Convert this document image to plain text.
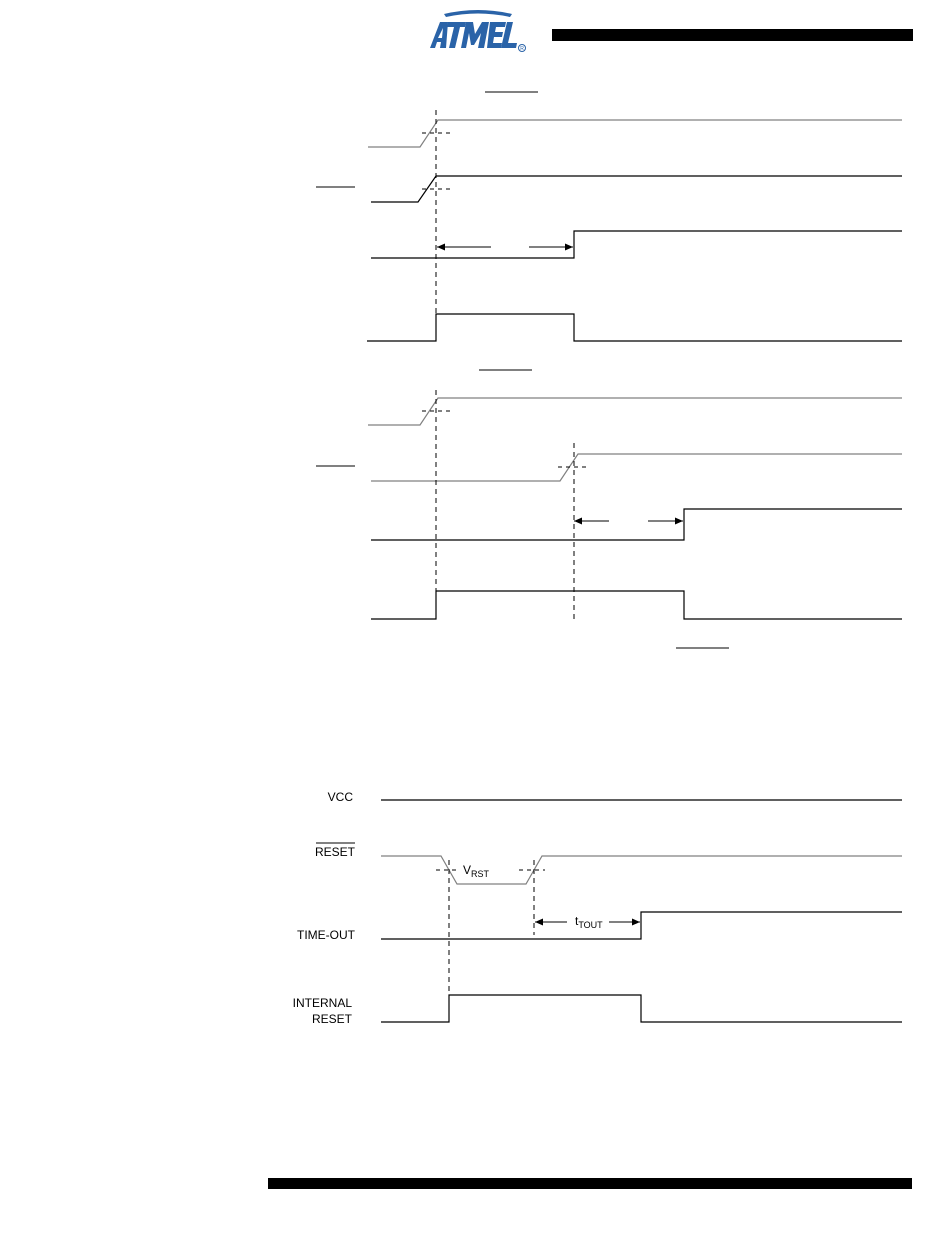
R
VCC
RESET
$V_{RST}$
TIME-OUT
$t_{TOUT}$
INTERNAL
RESET
